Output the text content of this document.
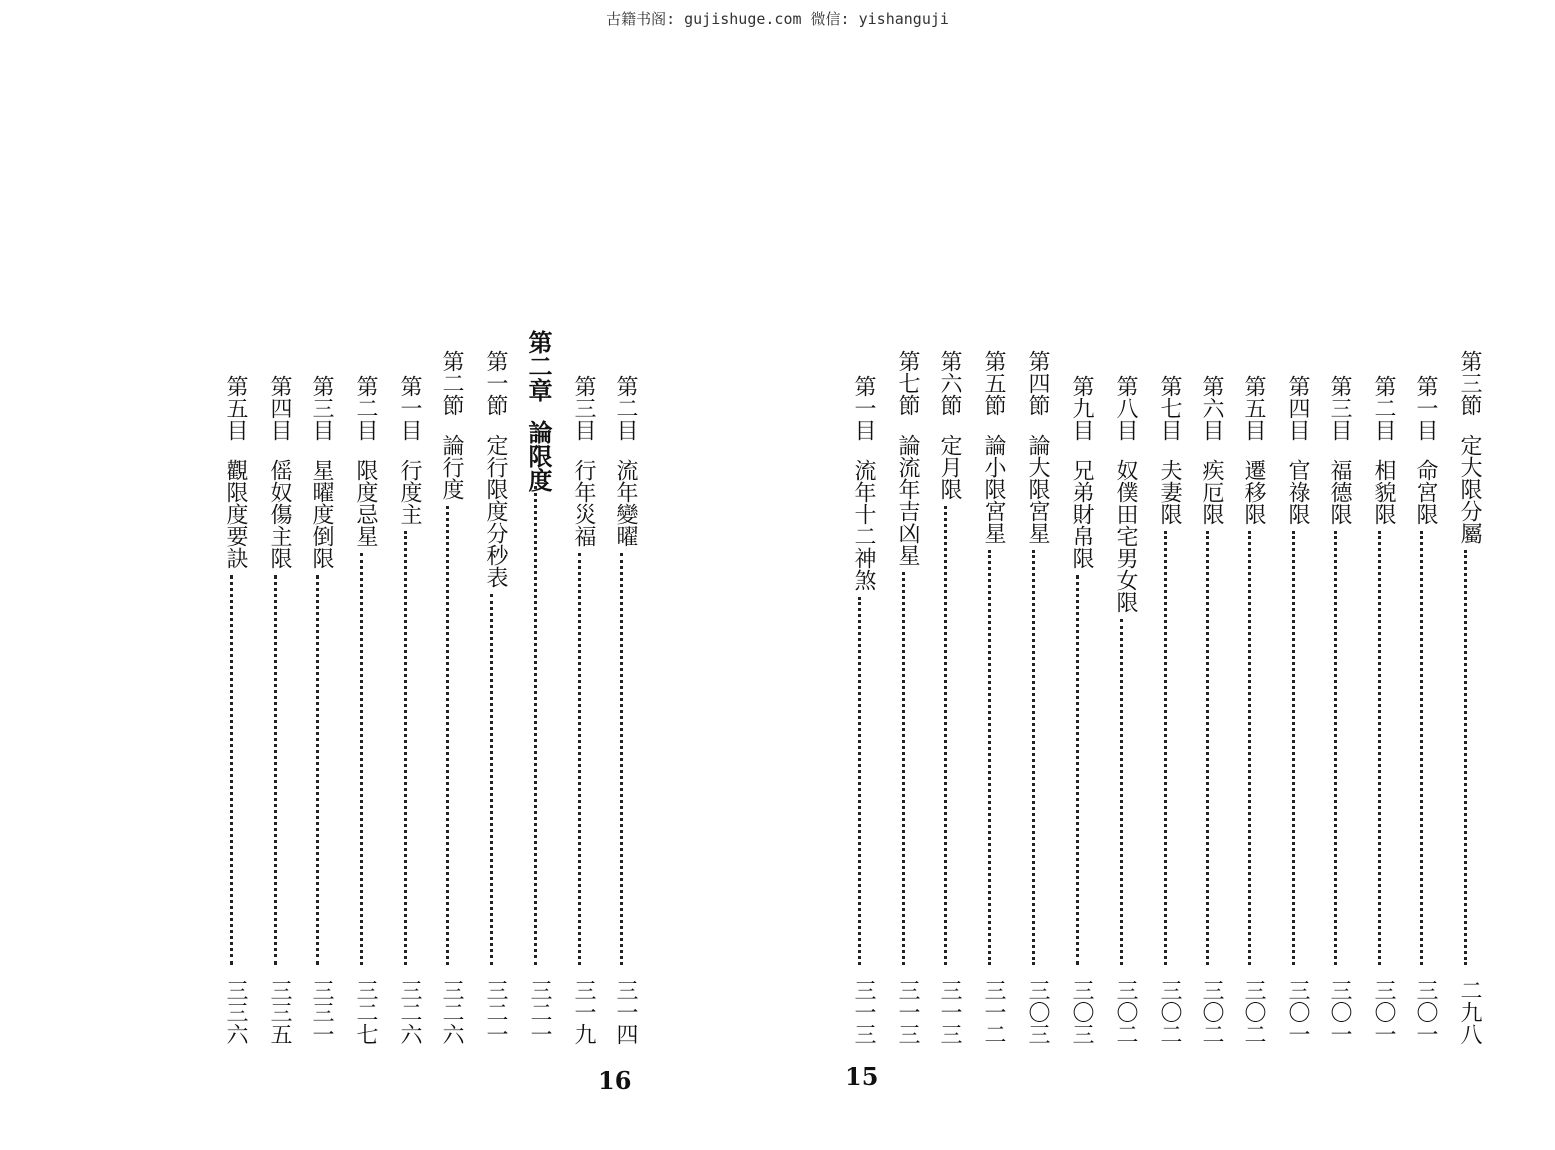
古籍书阁: gujishuge.com 微信: yishanguji
第三節定大限分屬
二九八
第一目命宮限
三〇一
第二目相貌限
三〇一
第三目福德限
三〇一
第四目官祿限
三〇一
第五目遷移限
三〇二
第六目疾厄限
三〇二
第七目夫妻限
三〇二
第八目奴僕田宅男女限
三〇二
第九目兄弟財帛限
三〇三
第四節論大限宮星
三〇三
第五節論小限宮星
三一二
第六節定月限
三一三
第七節論流年吉凶星
三一三
第一目流年十二神煞
三一三
第二目流年變曜
三一四
第三目行年災福
三一九
第二章論限度
三二一
第一節定行限度分秒表
三二一
第二節論行度
三二六
第一目行度主
三二六
第二目限度忌星
三二七
第三目星曜度倒限
三三一
第四目傜奴傷主限
三三五
第五目觀限度要訣
三三六
15
16
